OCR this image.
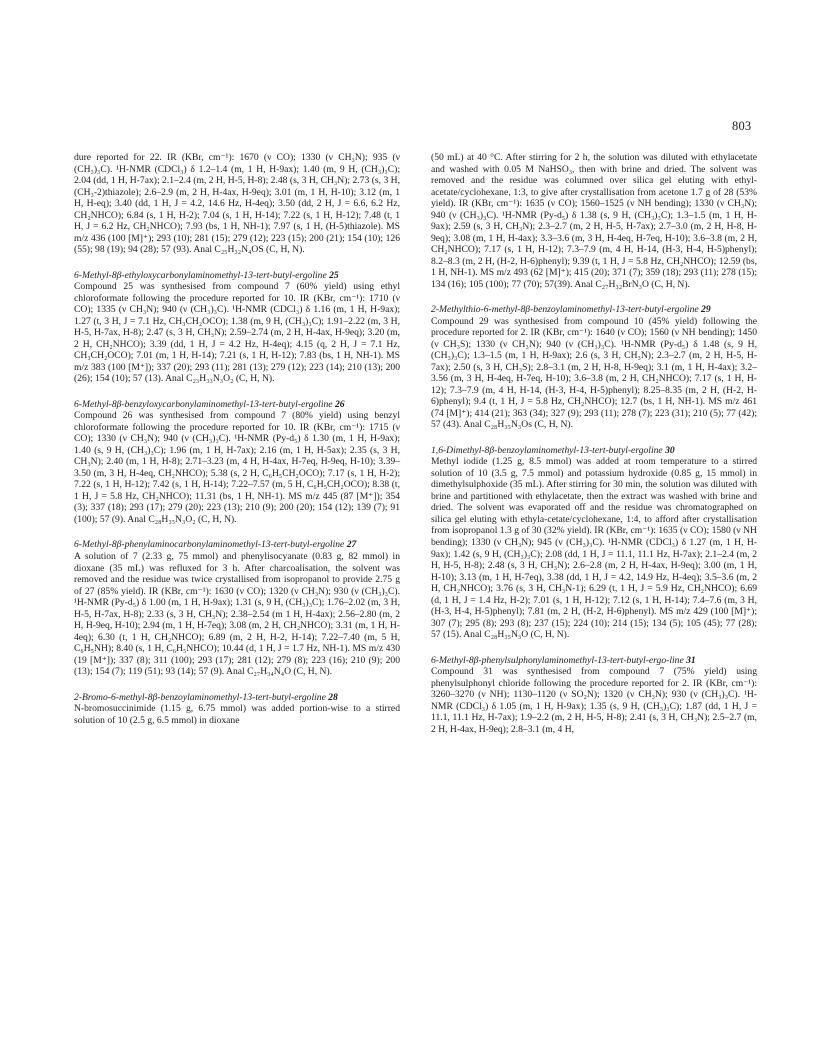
803

dure reported for 22. IR (KBr, cm⁻¹): 1670 (ν CO); 1330 (ν CH₃N); 935 (ν (CH₃)₃C). ¹H-NMR (CDCl₃) δ 1.2–1.4 (m, 1 H, H-9ax); 1.40 (m, 9 H, (CH₃)₃C); 2.04 (dd, 1 H, H-7ax); 2.1–2.4 (m, 2 H, H-5, H-8); 2.48 (s, 3 H, CH₃N); 2.73 (s, 3 H, (CH₃-2)thiazole); 2.6–2.9 (m, 2 H, H-4ax, H-9eq); 3.01 (m, 1 H, H-10); 3.12 (m, 1 H, H-eq); 3.40 (dd, 1 H, J = 4.2, 14.6 Hz, H-4eq); 3.50 (dd, 2 H, J = 6.6, 6.2 Hz, CH₂NHCO); 6.84 (s, 1 H, H-2); 7.04 (s, 1 H, H-14); 7.22 (s, 1 H, H-12); 7.48 (t, 1 H, J = 6.2 Hz, CH₂NHCO); 7.93 (bs, 1 H, NH-1); 7.97 (s, 1 H, (H-5)thiazole). MS m/z 436 (100 [M]⁺); 293 (10); 281 (15); 279 (12); 223 (15); 200 (21); 154 (10); 126 (55); 98 (19); 94 (28); 57 (93). Anal C₂₅H₃₂N₄OS (C, H, N).

6-Methyl-8β-ethyloxycarbonylaminomethyl-13-tert-butyl-ergoline 25

Compound 25 was synthesised from compound 7 (60% yield) using ethyl chloroformate following the procedure reported for 10. IR (KBr, cm⁻¹): 1710 (ν CO); 1335 (ν CH₃N); 940 (ν (CH₃)₃C). ¹H-NMR (CDCl₃) δ 1.16 (m, 1 H, H-9ax); 1.27 (t, 3 H, J = 7.1 Hz, CH₃CH₂OCO); 1.38 (m, 9 H, (CH₃)₃C); 1.91–2.22 (m, 3 H, H-5, H-7ax, H-8); 2.47 (s, 3 H, CH₃N); 2.59–2.74 (m, 2 H, H-4ax, H-9eq); 3.20 (m, 2 H, CH₂NHCO); 3.39 (dd, 1 H, J = 4.2 Hz, H-4eq); 4.15 (q, 2 H, J = 7.1 Hz, CH₃CH₂OCO); 7.01 (m, 1 H, H-14); 7.21 (s, 1 H, H-12); 7.83 (bs, 1 H, NH-1). MS m/z 383 (100 [M⁺]); 337 (20); 293 (11); 281 (13); 279 (12); 223 (14); 210 (13); 200 (26); 154 (10); 57 (13). Anal C₂₃H₃₃N₃O₂ (C, H, N).

6-Methyl-8β-benzyloxycarbonylaminomethyl-13-tert-butyl-ergoline 26

Compound 26 was synthesised from compound 7 (80% yield) using benzyl chloroformate following the procedure reported for 10. IR (KBr, cm⁻¹): 1715 (ν CO); 1330 (ν CH₃N); 940 (ν (CH₃)₃C). ¹H-NMR (Py-d₅) δ 1.30 (m, 1 H, H-9ax); 1.40 (s, 9 H, (CH₃)₃C); 1.96 (m, 1 H, H-7ax); 2.16 (m, 1 H, H-5ax); 2.35 (s, 3 H, CH₃N); 2.40 (m, 1 H, H-8); 2.71–3.23 (m, 4 H, H-4ax, H-7eq, H-9eq, H-10); 3.39–3.50 (m, 3 H, H-4eq, CH₂NHCO); 5.38 (s, 2 H, C₆H₅CH₂OCO); 7.17 (s, 1 H, H-2); 7.22 (s, 1 H, H-12); 7.42 (s, 1 H, H-14); 7.22–7.57 (m, 5 H, C₆H₅CH₂OCO); 8.38 (t, 1 H, J = 5.8 Hz, CH₂NHCO); 11.31 (bs, 1 H, NH-1). MS m/z 445 (87 [M⁺]); 354 (3); 337 (18); 293 (17); 279 (20); 223 (13); 210 (9); 200 (20); 154 (12); 139 (7); 91 (100); 57 (9). Anal C₂₈H₃₅N₃O₂ (C, H, N).

6-Methyl-8β-phenylaminocarbonylaminomethyl-13-tert-butyl-ergoline 27

A solution of 7 (2.33 g, 75 mmol) and phenylisocyanate (0.83 g, 82 mmol) in dioxane (35 mL) was refluxed for 3 h. After charcoalisation, the solvent was removed and the residue was twice crystallised from isopropanol to provide 2.75 g of 27 (85% yield). IR (KBr, cm⁻¹): 1630 (ν CO); 1320 (ν CH₃N); 930 (ν (CH₃)₃C). ¹H-NMR (Py-d₅) δ 1.00 (m, 1 H, H-9ax); 1.31 (s, 9 H, (CH₃)₃C); 1.76–2.02 (m, 3 H, H-5, H-7ax, H-8); 2.33 (s, 3 H, CH₃N); 2.38–2.54 (m 1 H, H-4ax); 2.56–2.80 (m, 2 H, H-9eq, H-10); 2.94 (m, 1 H, H-7eq); 3.08 (m, 2 H, CH₂NHCO); 3.31 (m, 1 H, H-4eq); 6.30 (t, 1 H, CH₂NHCO); 6.89 (m, 2 H, H-2, H-14); 7.22–7.40 (m, 5 H, C₆H₅NH); 8.40 (s, 1 H, C₆H₅NHCO); 10.44 (d, 1 H, J = 1.7 Hz, NH-1). MS m/z 430 (19 [M⁺]); 337 (8); 311 (100); 293 (17); 281 (12); 279 (8); 223 (16); 210 (9); 200 (13); 154 (7); 119 (51); 93 (14); 57 (9). Anal C₂₇H₃₄N₄O (C, H, N).

2-Bromo-6-methyl-8β-benzoylaminomethyl-13-tert-butyl-ergoline 28

N-bromosuccinimide (1.15 g, 6.75 mmol) was added portion-wise to a stirred solution of 10 (2.5 g, 6.5 mmol) in dioxane

(50 mL) at 40 °C. After stirring for 2 h, the solution was diluted with ethylacetate and washed with 0.05 M NaHSO₃, then with brine and dried. The solvent was removed and the residue was columned over silica gel eluting with ethyl-acetate/cyclohexane, 1:3, to give after crystallisation from acetone 1.7 g of 28 (53% yield). IR (KBr, cm⁻¹): 1635 (ν CO); 1560–1525 (ν NH bending); 1330 (ν CH₃N); 940 (ν (CH₃)₃C). ¹H-NMR (Py-d₅) δ 1.38 (s, 9 H, (CH₃)₃C); 1.3–1.5 (m, 1 H, H-9ax); 2.59 (s, 3 H, CH₃N); 2.3–2.7 (m, 2 H, H-5, H-7ax); 2.7–3.0 (m, 2 H, H-8, H-9eq); 3.08 (m, 1 H, H-4ax); 3.3–3.6 (m, 3 H, H-4eq, H-7eq, H-10); 3.6–3.8 (m, 2 H, CH₂NHCO); 7.17 (s, 1 H, H-12); 7.3–7.9 (m, 4 H, H-14, (H-3, H-4, H-5)phenyl); 8.2–8.3 (m, 2 H, (H-2, H-6)phenyl); 9.39 (t, 1 H, J = 5.8 Hz, CH₂NHCO); 12.59 (bs, 1 H, NH-1). MS m/z 493 (62 [M]⁺); 415 (20); 371 (7); 359 (18); 293 (11); 278 (15); 134 (16); 105 (100); 77 (70); 57(39). Anal C₂₇H₃₂BrN₃O (C, H, N).

2-Methylthio-6-methyl-8β-benzoylaminomethyl-13-tert-butyl-ergoline 29

Compound 29 was synthesised from compound 10 (45% yield) following the procedure reported for 2. IR (KBr, cm⁻¹): 1640 (ν CO); 1560 (ν NH bending); 1450 (ν CH₃S); 1330 (ν CH₃N); 940 (ν (CH₃)₃C). ¹H-NMR (Py-d₅) δ 1.48 (s, 9 H, (CH₃)₃C); 1.3–1.5 (m, 1 H, H-9ax); 2.6 (s, 3 H, CH₃N); 2.3–2.7 (m, 2 H, H-5, H-7ax); 2.50 (s, 3 H, CH₃S); 2.8–3.1 (m, 2 H, H-8, H-9eq); 3.1 (m, 1 H, H-4ax); 3.2–3.56 (m, 3 H, H-4eq, H-7eq, H-10); 3.6–3.8 (m, 2 H, CH₂NHCO); 7.17 (s, 1 H, H-12); 7.3–7.9 (m, 4 H, H-14, (H-3, H-4, H-5)phenyl); 8.25–8.35 (m, 2 H, (H-2, H-6)phenyl); 9.4 (t, 1 H, J = 5.8 Hz, CH₂NHCO); 12.7 (bs, 1 H, NH-1). MS m/z 461 (74 [M]⁺); 414 (21); 363 (34); 327 (9); 293 (11); 278 (7); 223 (31); 210 (5); 77 (42); 57 (43). Anal C₂₈H₃₅N₃Os (C, H, N).

1,6-Dimethyl-8β-benzoylaminomethyl-13-tert-butyl-ergoline 30

Methyl iodide (1.25 g, 8.5 mmol) was added at room temperature to a stirred solution of 10 (3.5 g, 7.5 mmol) and potassium hydroxide (0.85 g, 15 mmol) in dimethylsulphoxide (35 mL). After stirring for 30 min, the solution was diluted with brine and partitioned with ethylacetate, then the extract was washed with brine and dried. The solvent was evaporated off and the residue was chromatographed on silica gel eluting with ethyla-cetate/cyclohexane, 1:4, to afford after crystallisation from isopropanol 1.3 g of 30 (32% yield). IR (KBr, cm⁻¹): 1635 (ν CO); 1580 (ν NH bending); 1330 (ν CH₃N); 945 (ν (CH₃)₃C). ¹H-NMR (CDCl₃) δ 1.27 (m, 1 H, H-9ax); 1.42 (s, 9 H, (CH₃)₃C); 2.08 (dd, 1 H, J = 11.1, 11.1 Hz, H-7ax); 2.1–2.4 (m, 2 H, H-5, H-8); 2.48 (s, 3 H, CH₃N); 2.6–2.8 (m, 2 H, H-4ax, H-9eq); 3.00 (m, 1 H, H-10); 3.13 (m, 1 H, H-7eq), 3.38 (dd, 1 H, J = 4.2, 14.9 Hz, H-4eq); 3.5–3.6 (m, 2 H, CH₂NHCO); 3.76 (s, 3 H, CH₃N-1); 6.29 (t, 1 H, J = 5.9 Hz, CH₂NHCO); 6.69 (d, 1 H, J = 1.4 Hz, H-2); 7.01 (s, 1 H, H-12); 7.12 (s, 1 H, H-14); 7.4–7.6 (m, 3 H, (H-3, H-4, H-5)phenyl); 7.81 (m, 2 H, (H-2, H-6)phenyl). MS m/z 429 (100 [M]⁺); 307 (7); 295 (8); 293 (8); 237 (15); 224 (10); 214 (15); 134 (5); 105 (45); 77 (28); 57 (15). Anal C₂₈H₃₅N₃O (C, H, N).

6-Methyl-8β-phenylsulphonylaminomethyl-13-tert-butyl-ergo-line 31

Compound 31 was synthesised from compound 7 (75% yield) using phenylsulphonyl chloride following the procedure reported for 2. IR (KBr, cm⁻¹): 3260–3270 (ν NH); 1130–1120 (ν SO₂N); 1320 (ν CH₃N); 930 (ν (CH₃)₃C). ¹H-NMR (CDCl₃) δ 1.05 (m, 1 H, H-9ax); 1.35 (s, 9 H, (CH₃)₃C); 1.87 (dd, 1 H, J = 11.1, 11.1 Hz, H-7ax); 1.9–2.2 (m, 2 H, H-5, H-8); 2.41 (s, 3 H, CH₃N); 2.5–2.7 (m, 2 H, H-4ax, H-9eq); 2.8–3.1 (m, 4 H,
